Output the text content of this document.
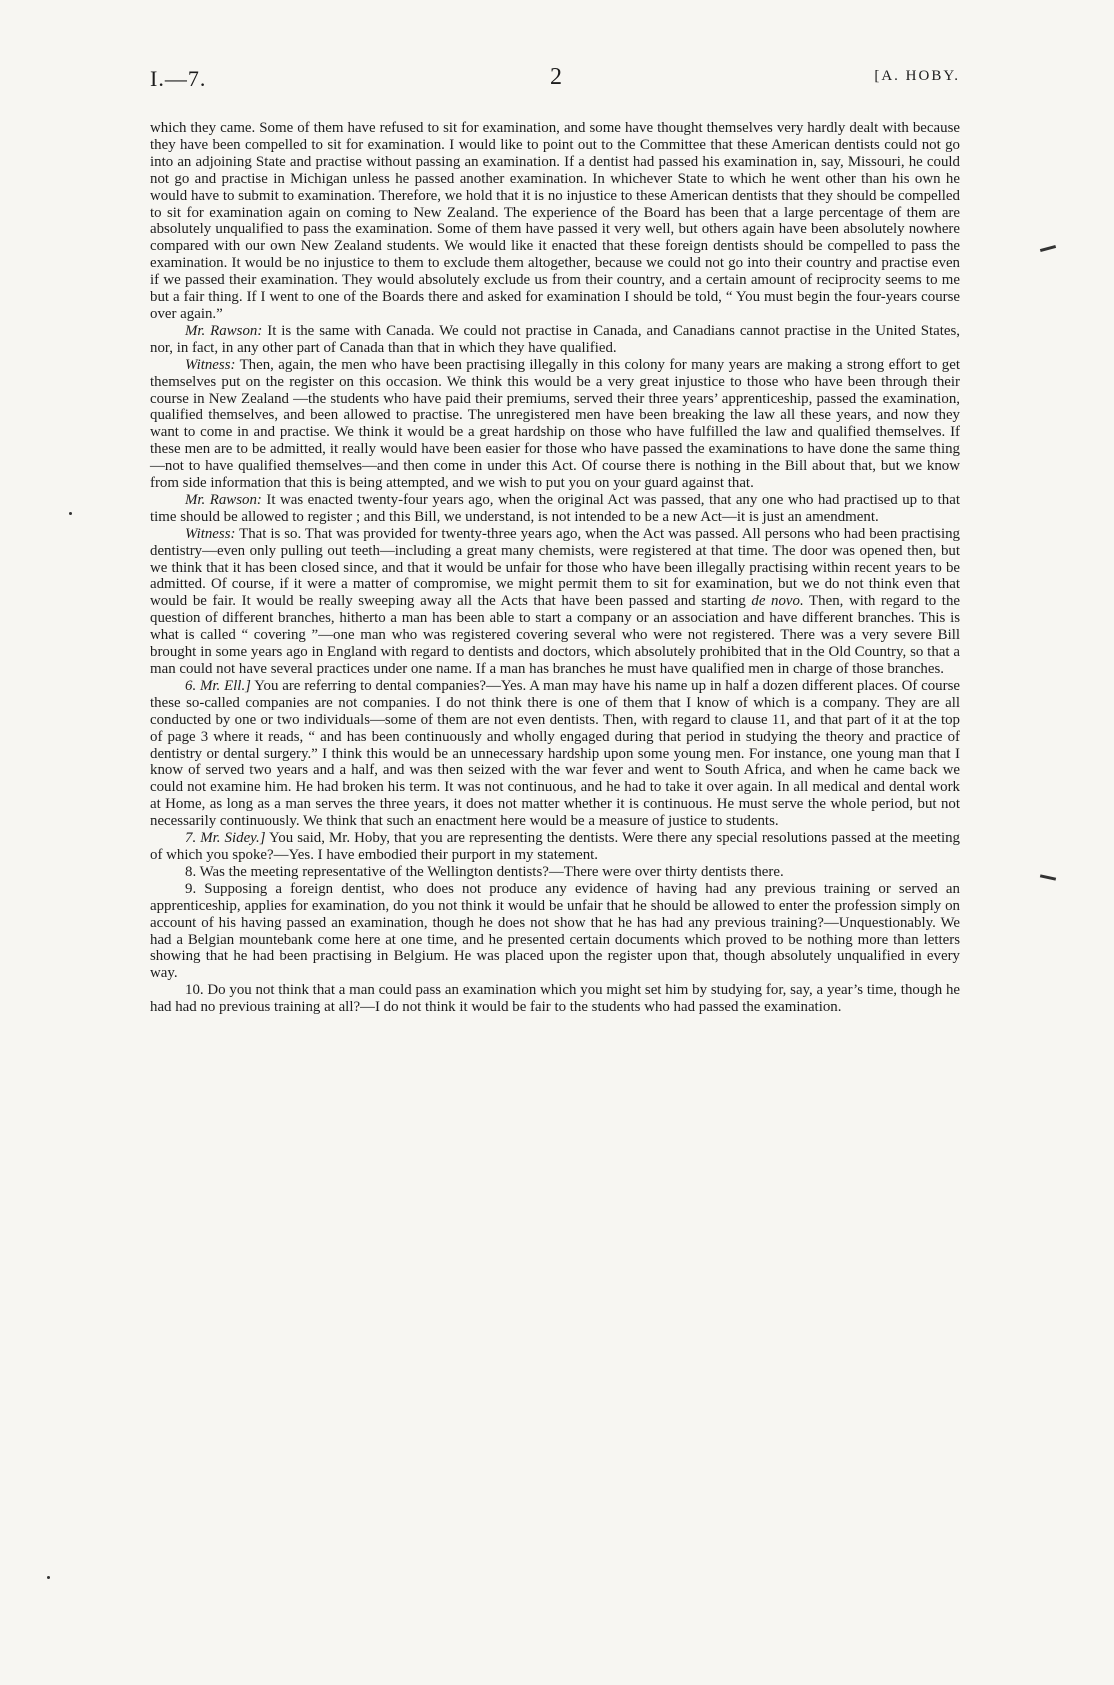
I.—7.	2	[A. HOBY.

which they came. Some of them have refused to sit for examination, and some have thought themselves very hardly dealt with because they have been compelled to sit for examination. I would like to point out to the Committee that these American dentists could not go into an adjoining State and practise without passing an examination. If a dentist had passed his examination in, say, Missouri, he could not go and practise in Michigan unless he passed another examination. In whichever State to which he went other than his own he would have to submit to examination. Therefore, we hold that it is no injustice to these American dentists that they should be compelled to sit for examination again on coming to New Zealand. The experience of the Board has been that a large percentage of them are absolutely unqualified to pass the examination. Some of them have passed it very well, but others again have been absolutely nowhere compared with our own New Zealand students. We would like it enacted that these foreign dentists should be compelled to pass the examination. It would be no injustice to them to exclude them altogether, because we could not go into their country and practise even if we passed their examination. They would absolutely exclude us from their country, and a certain amount of reciprocity seems to me but a fair thing. If I went to one of the Boards there and asked for examination I should be told, “ You must begin the four-years course over again.”

Mr. Rawson: It is the same with Canada. We could not practise in Canada, and Canadians cannot practise in the United States, nor, in fact, in any other part of Canada than that in which they have qualified.

Witness: Then, again, the men who have been practising illegally in this colony for many years are making a strong effort to get themselves put on the register on this occasion. We think this would be a very great injustice to those who have been through their course in New Zealand —the students who have paid their premiums, served their three years’ apprenticeship, passed the examination, qualified themselves, and been allowed to practise. The unregistered men have been breaking the law all these years, and now they want to come in and practise. We think it would be a great hardship on those who have fulfilled the law and qualified themselves. If these men are to be admitted, it really would have been easier for those who have passed the examinations to have done the same thing—not to have qualified themselves—and then come in under this Act. Of course there is nothing in the Bill about that, but we know from side information that this is being attempted, and we wish to put you on your guard against that.

Mr. Rawson: It was enacted twenty-four years ago, when the original Act was passed, that any one who had practised up to that time should be allowed to register ; and this Bill, we understand, is not intended to be a new Act—it is just an amendment.

Witness: That is so. That was provided for twenty-three years ago, when the Act was passed. All persons who had been practising dentistry—even only pulling out teeth—including a great many chemists, were registered at that time. The door was opened then, but we think that it has been closed since, and that it would be unfair for those who have been illegally practising within recent years to be admitted. Of course, if it were a matter of compromise, we might permit them to sit for examination, but we do not think even that would be fair. It would be really sweeping away all the Acts that have been passed and starting de novo. Then, with regard to the question of different branches, hitherto a man has been able to start a company or an association and have different branches. This is what is called “ covering ”—one man who was registered covering several who were not registered. There was a very severe Bill brought in some years ago in England with regard to dentists and doctors, which absolutely prohibited that in the Old Country, so that a man could not have several practices under one name. If a man has branches he must have qualified men in charge of those branches.

6. Mr. Ell.] You are referring to dental companies?—Yes. A man may have his name up in half a dozen different places. Of course these so-called companies are not companies. I do not think there is one of them that I know of which is a company. They are all conducted by one or two individuals—some of them are not even dentists. Then, with regard to clause 11, and that part of it at the top of page 3 where it reads, “ and has been continuously and wholly engaged during that period in studying the theory and practice of dentistry or dental surgery.” I think this would be an unnecessary hardship upon some young men. For instance, one young man that I know of served two years and a half, and was then seized with the war fever and went to South Africa, and when he came back we could not examine him. He had broken his term. It was not continuous, and he had to take it over again. In all medical and dental work at Home, as long as a man serves the three years, it does not matter whether it is continuous. He must serve the whole period, but not necessarily continuously. We think that such an enactment here would be a measure of justice to students.

7. Mr. Sidey.] You said, Mr. Hoby, that you are representing the dentists. Were there any special resolutions passed at the meeting of which you spoke?—Yes. I have embodied their purport in my statement.

8. Was the meeting representative of the Wellington dentists?—There were over thirty dentists there.

9. Supposing a foreign dentist, who does not produce any evidence of having had any previous training or served an apprenticeship, applies for examination, do you not think it would be unfair that he should be allowed to enter the profession simply on account of his having passed an examination, though he does not show that he has had any previous training?—Unquestionably. We had a Belgian mountebank come here at one time, and he presented certain documents which proved to be nothing more than letters showing that he had been practising in Belgium. He was placed upon the register upon that, though absolutely unqualified in every way.

10. Do you not think that a man could pass an examination which you might set him by studying for, say, a year’s time, though he had had no previous training at all?—I do not think it would be fair to the students who had passed the examination.
